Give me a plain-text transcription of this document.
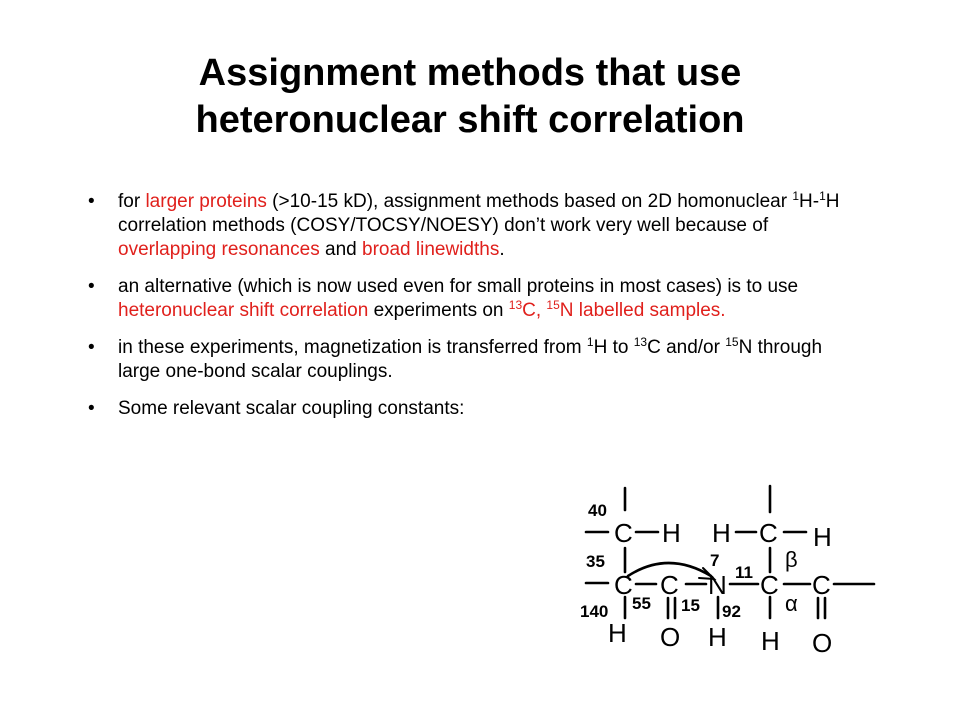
Assignment methods that use
heteronuclear shift correlation
• for larger proteins (>10-15 kD), assignment methods based on 2D homonuclear $^1$H-$^1$H correlation methods (COSY/TOCSY/NOESY) don’t work very well because of overlapping resonances and broad linewidths.
• an alternative (which is now used even for small proteins in most cases) is to use heteronuclear shift correlation experiments on $^{13}$C, $^{15}$N labelled samples.
• in these experiments, magnetization is transferred from $^1$H to $^{13}$C and/or $^{15}$N through large one-bond scalar couplings.
• Some relevant scalar coupling constants:
C H H C H
C C N C C
H O H H O
β
α
40
35
140 55 15
7
11
92
